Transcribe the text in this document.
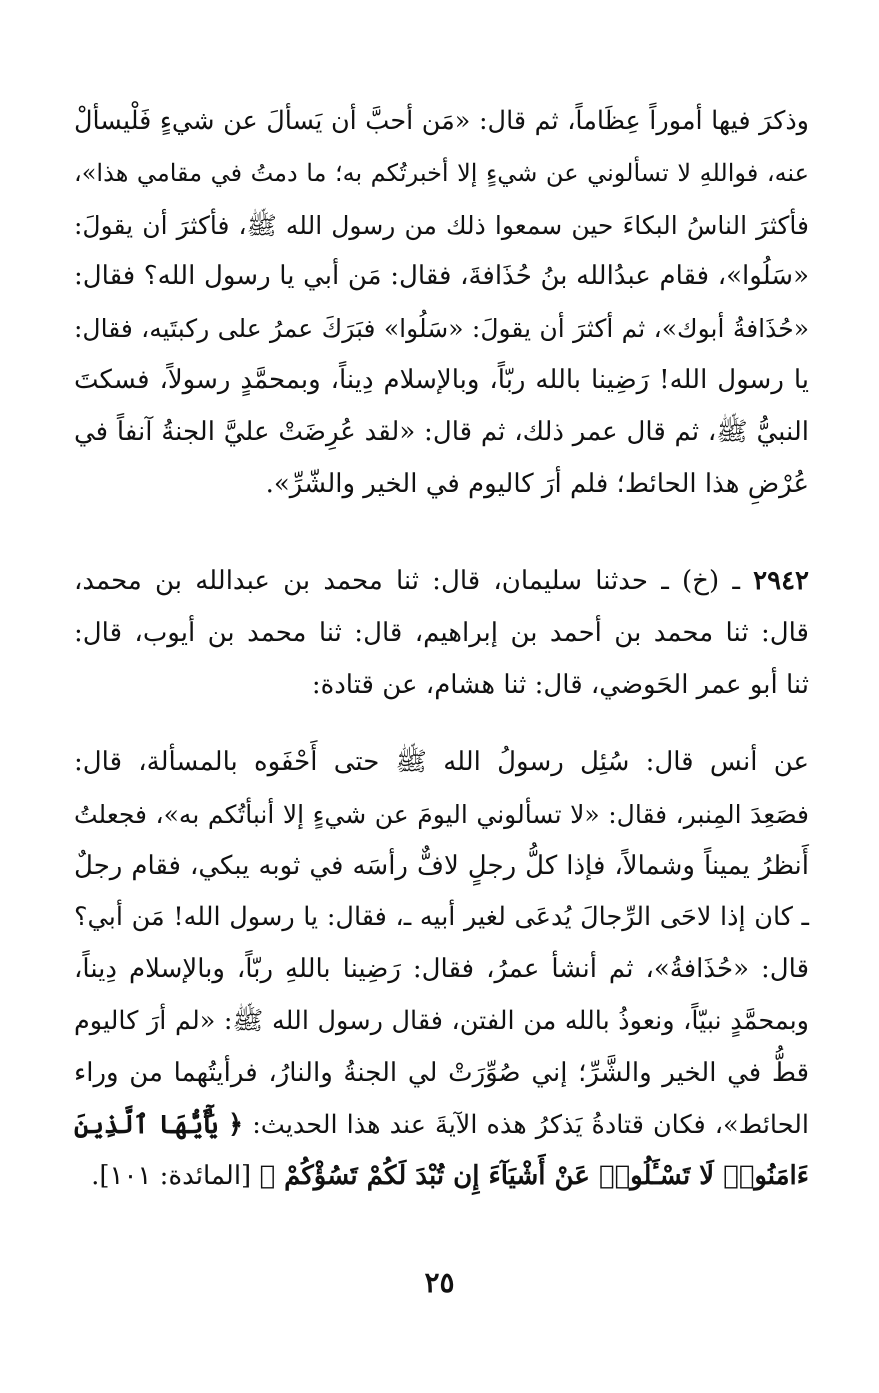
وذكرَ فيها أموراً عِظَاماً، ثم قال: «مَن أحبَّ أن يَسألَ عن شيءٍ فَلْيسألْ
عنه، فواللهِ لا تسألوني عن شيءٍ إلا أخبرتُكم به؛ ما دمتُ في مقامي هذا»،
فأكثرَ الناسُ البكاءَ حين سمعوا ذلك من رسول الله ﷺ، فأكثرَ أن يقولَ:
«سَلُوا»، فقام عبدُالله بنُ حُذَافةَ، فقال: مَن أبي يا رسول الله؟ فقال:
«حُذَافةُ أبوك»، ثم أكثرَ أن يقولَ: «سَلُوا» فبَرَكَ عمرُ على ركبتَيه، فقال:
يا رسول الله! رَضِينا بالله ربّاً، وبالإسلام دِيناً، وبمحمَّدٍ رسولاً، فسكتَ
النبيُّ ﷺ، ثم قال عمر ذلك، ثم قال: «لقد عُرِضَتْ عليَّ الجنةُ آنفاً في
عُرْضِ هذا الحائط؛ فلم أرَ كاليوم في الخير والشّرِّ».
٢٩٤٢ ـ (خ) ـ حدثنا سليمان، قال: ثنا محمد بن عبدالله بن محمد،
قال: ثنا محمد بن أحمد بن إبراهيم، قال: ثنا محمد بن أيوب، قال:
ثنا أبو عمر الحَوضي، قال: ثنا هشام، عن قتادة:
عن أنس قال: سُئِل رسولُ الله ﷺ حتى أَحْفَوه بالمسألة، قال:
فصَعِدَ المِنبر، فقال: «لا تسألوني اليومَ عن شيءٍ إلا أنبأتُكم به»، فجعلتُ
أَنظرُ يميناً وشمالاً، فإذا كلُّ رجلٍ لافٌّ رأسَه في ثوبه يبكي، فقام رجلٌ
ـ كان إذا لاحَى الرِّجالَ يُدعَى لغير أبيه ـ، فقال: يا رسول الله! مَن أبي؟
قال: «حُذَافةُ»، ثم أنشأ عمرُ، فقال: رَضِينا باللهِ ربّاً، وبالإسلام دِيناً،
وبمحمَّدٍ نبيّاً، ونعوذُ بالله من الفتن، فقال رسول الله ﷺ: «لم أرَ كاليوم
قطُّ في الخير والشَّرِّ؛ إني صُوِّرَتْ لي الجنةُ والنارُ، فرأيتُهما من وراء
الحائط»، فكان قتادةُ يَذكرُ هذه الآيةَ عند هذا الحديث: ﴿ يَٰٓأَيُّهَا ٱلَّذِينَ
ءَامَنُوا۟ لَا تَسْـَٔلُوا۟ عَنْ أَشْيَآءَ إِن تُبْدَ لَكُمْ تَسُؤْكُمْ ﴾ [المائدة: ١٠١].
٢٥
